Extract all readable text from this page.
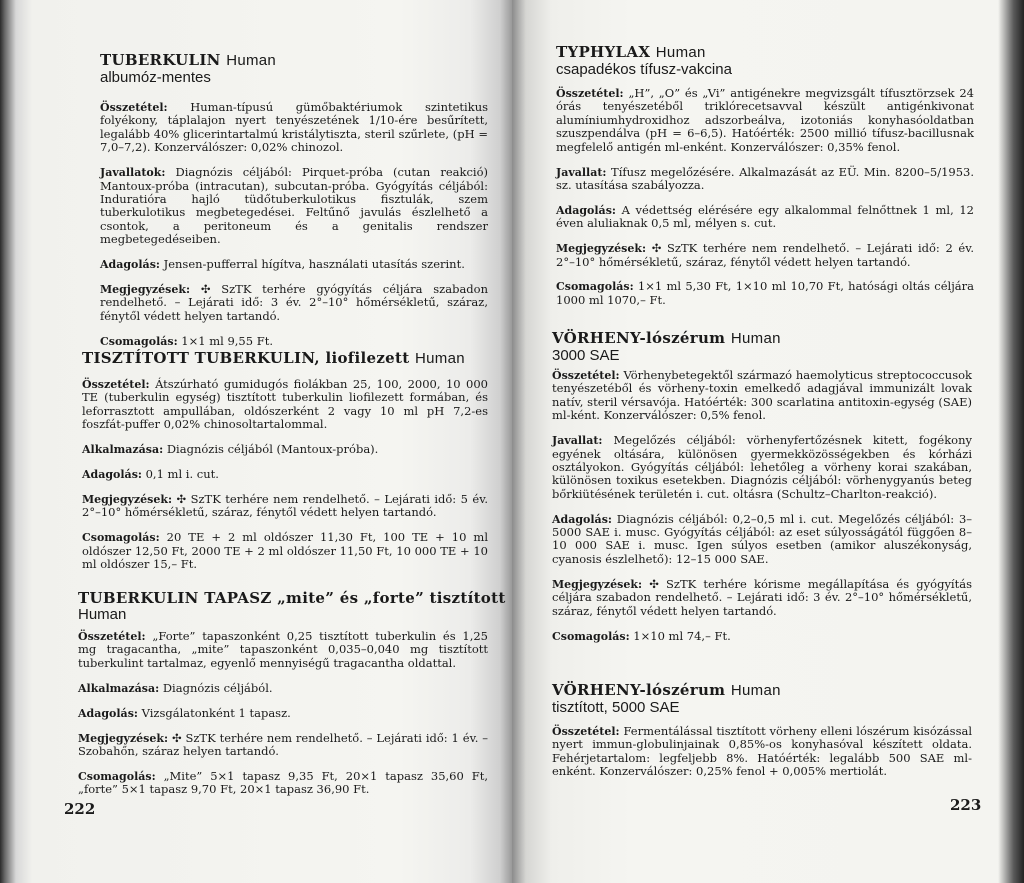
TUBERKULIN Human
albumóz-mentes

Összetétel: Human-típusú gümőbaktériumok szintetikus folyékony, táplalajon nyert tenyészetének 1/10-ére besűrített, legalább 40% glicerintartalmú kristálytiszta, steril szűrlete, (pH = 7,0–7,2). Konzerválószer: 0,02% chinozol.

Javallatok: Diagnózis céljából: Pirquet-próba (cutan reakció) Mantoux-próba (intracutan), subcutan-próba. Gyógyítás céljából: Induratióra hajló tüdőtuberkulotikus fisztulák, szem tuberkulotikus megbetegedései. Feltűnő javulás észlelhető a csontok, a peritoneum és a genitalis rendszer megbetegedéseiben.

Adagolás: Jensen-pufferral hígítva, használati utasítás szerint.

Megjegyzések: ✣ SzTK terhére gyógyítás céljára szabadon rendelhető. – Lejárati idő: 3 év. 2°–10° hőmérsékletű, száraz, fénytől védett helyen tartandó.

Csomagolás: 1×1 ml 9,55 Ft.

TISZTÍTOTT TUBERKULIN, liofilezett Human

Összetétel: Átszúrható gumidugós fiolákban 25, 100, 2000, 10 000 TE (tuberkulin egység) tisztított tuberkulin liofilezett formában, és leforrasztott ampullában, oldószerként 2 vagy 10 ml pH 7,2-es foszfát-puffer 0,02% chinosoltartalommal.

Alkalmazása: Diagnózis céljából (Mantoux-próba).

Adagolás: 0,1 ml i. cut.

Megjegyzések: ✣ SzTK terhére nem rendelhető. – Lejárati idő: 5 év. 2°–10° hőmérsékletű, száraz, fénytől védett helyen tartandó.

Csomagolás: 20 TE + 2 ml oldószer 11,30 Ft, 100 TE + 10 ml oldószer 12,50 Ft, 2000 TE + 2 ml oldószer 11,50 Ft, 10 000 TE + 10 ml oldószer 15,– Ft.

TUBERKULIN TAPASZ „mite” és „forte” tisztított
Human

Összetétel: „Forte” tapaszonként 0,25 tisztított tuberkulin és 1,25 mg tragacantha, „mite” tapaszonként 0,035–0,040 mg tisztított tuberkulint tartalmaz, egyenlő mennyiségű tragacantha oldattal.

Alkalmazása: Diagnózis céljából.

Adagolás: Vizsgálatonként 1 tapasz.

Megjegyzések: ✣ SzTK terhére nem rendelhető. – Lejárati idő: 1 év. – Szobahőn, száraz helyen tartandó.

Csomagolás: „Mite” 5×1 tapasz 9,35 Ft, 20×1 tapasz 35,60 Ft, „forte” 5×1 tapasz 9,70 Ft, 20×1 tapasz 36,90 Ft.

222
TYPHYLAX Human
csapadékos tífusz-vakcina

Összetétel: „H”, „O” és „Vi” antigénekre megvizsgált tífusztörzsek 24 órás tenyészetéből triklórecetsavval készült antigénkivonat alumíniumhydroxidhoz adszorbeálva, izotoniás konyhasóoldatban szuszpendálva (pH = 6–6,5). Hatóérték: 2500 millió tífusz-bacillusnak megfelelő antigén ml-enként. Konzerválószer: 0,35% fenol.

Javallat: Tífusz megelőzésére. Alkalmazását az EÜ. Min. 8200–5/1953. sz. utasítása szabályozza.

Adagolás: A védettség elérésére egy alkalommal felnőttnek 1 ml, 12 éven aluliaknak 0,5 ml, mélyen s. cut.

Megjegyzések: ✣ SzTK terhére nem rendelhető. – Lejárati idő: 2 év. 2°–10° hőmérsékletű, száraz, fénytől védett helyen tartandó.

Csomagolás: 1×1 ml 5,30 Ft, 1×10 ml 10,70 Ft, hatósági oltás céljára 1000 ml 1070,– Ft.

VÖRHENY-lószérum Human
3000 SAE

Összetétel: Vörhenybetegektől származó haemolyticus streptococcusok tenyészetéből és vörheny-toxin emelkedő adagjával immunizált lovak natív, steril vérsavója. Hatóérték: 300 scarlatina antitoxin-egység (SAE) ml-ként. Konzerválószer: 0,5% fenol.

Javallat: Megelőzés céljából: vörhenyfertőzésnek kitett, fogékony egyének oltására, különösen gyermekközösségekben és kórházi osztályokon. Gyógyítás céljából: lehetőleg a vörheny korai szakában, különösen toxikus esetekben. Diagnózis céljából: vörhenygyanús beteg bőrkiütésének területén i. cut. oltásra (Schultz–Charlton-reakció).

Adagolás: Diagnózis céljából: 0,2–0,5 ml i. cut. Megelőzés céljából: 3–5000 SAE i. musc. Gyógyítás céljából: az eset súlyosságától függően 8–10 000 SAE i. musc. Igen súlyos esetben (amikor aluszékonyság, cyanosis észlelhető): 12–15 000 SAE.

Megjegyzések: ✣ SzTK terhére kórisme megállapítása és gyógyítás céljára szabadon rendelhető. – Lejárati idő: 3 év. 2°–10° hőmérsékletű, száraz, fénytől védett helyen tartandó.

Csomagolás: 1×10 ml 74,– Ft.

VÖRHENY-lószérum Human
tisztított, 5000 SAE

Összetétel: Fermentálással tisztított vörheny elleni lószérum kisózással nyert immun-globulinjainak 0,85%-os konyhasóval készített oldata. Fehérjetartalom: legfeljebb 8%. Hatóérték: legalább 500 SAE ml-enként. Konzerválószer: 0,25% fenol + 0,005% mertiolát.

223
